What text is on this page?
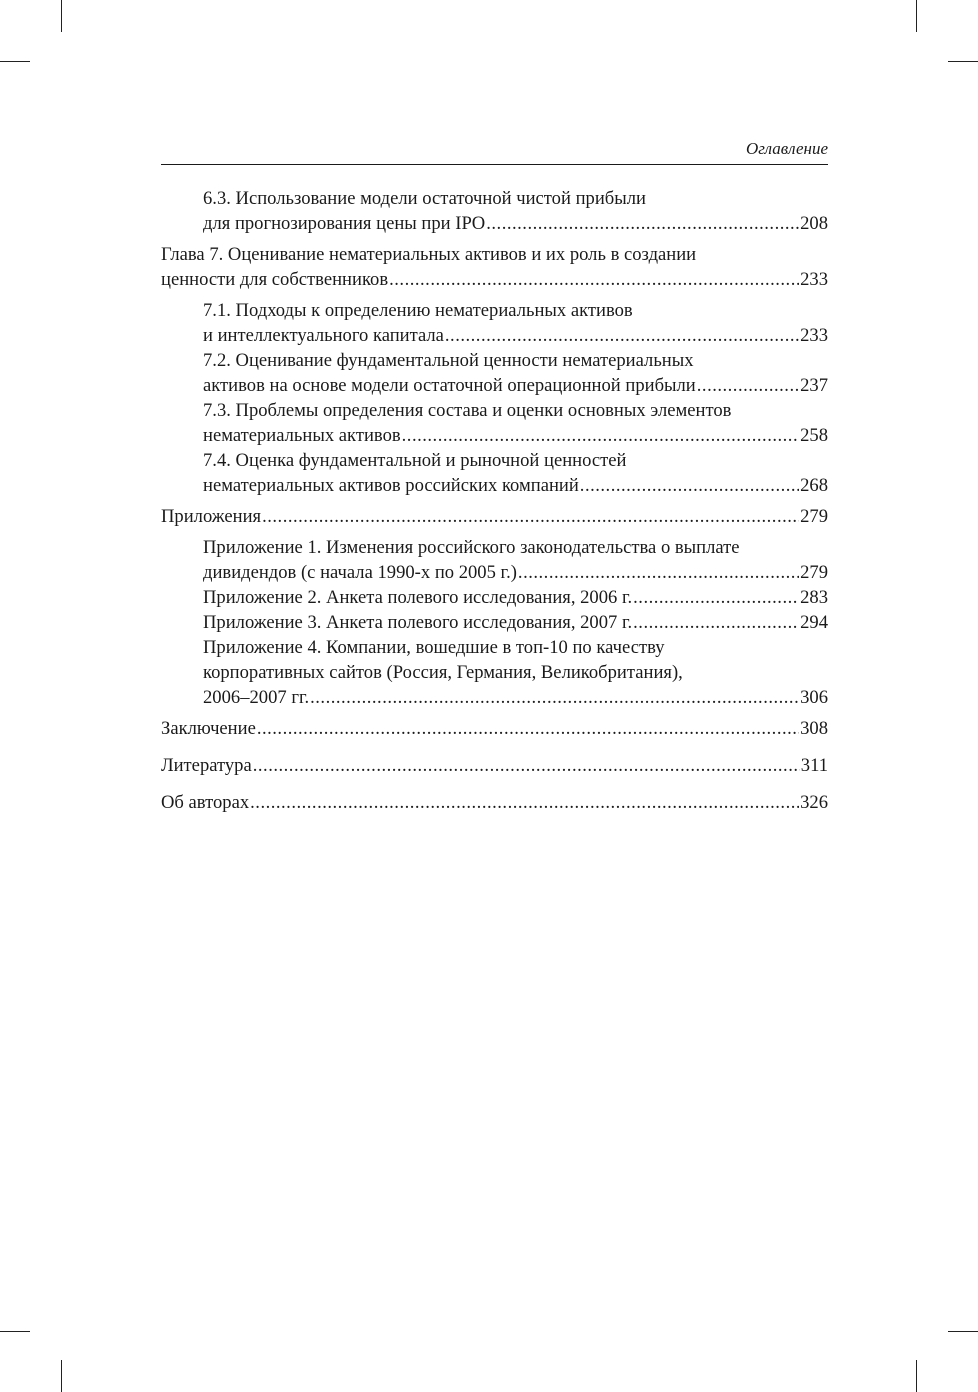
Оглавление
6.3. Использование модели остаточной чистой прибыли
для прогнозирования цены при IPO .....	208
Глава 7. Оценивание нематериальных активов и их роль в создании
ценности для собственников .....	233
7.1. Подходы к определению нематериальных активов
и интеллектуального капитала .....	233
7.2. Оценивание фундаментальной ценности нематериальных
активов на основе модели остаточной операционной прибыли .....	237
7.3. Проблемы определения состава и оценки основных элементов
нематериальных активов .....	258
7.4. Оценка фундаментальной и рыночной ценностей
нематериальных активов российских компаний .....	268
Приложения .....	279
Приложение 1. Изменения российского законодательства о выплате
дивидендов (с начала 1990-х по 2005 г.) .....	279
Приложение 2. Анкета полевого исследования, 2006 г. .....	283
Приложение 3. Анкета полевого исследования, 2007 г. .....	294
Приложение 4. Компании, вошедшие в топ-10 по качеству
корпоративных сайтов (Россия, Германия, Великобритания),
2006–2007 гг. .....	306
Заключение .....	308
Литература .....	311
Об авторах .....	326
